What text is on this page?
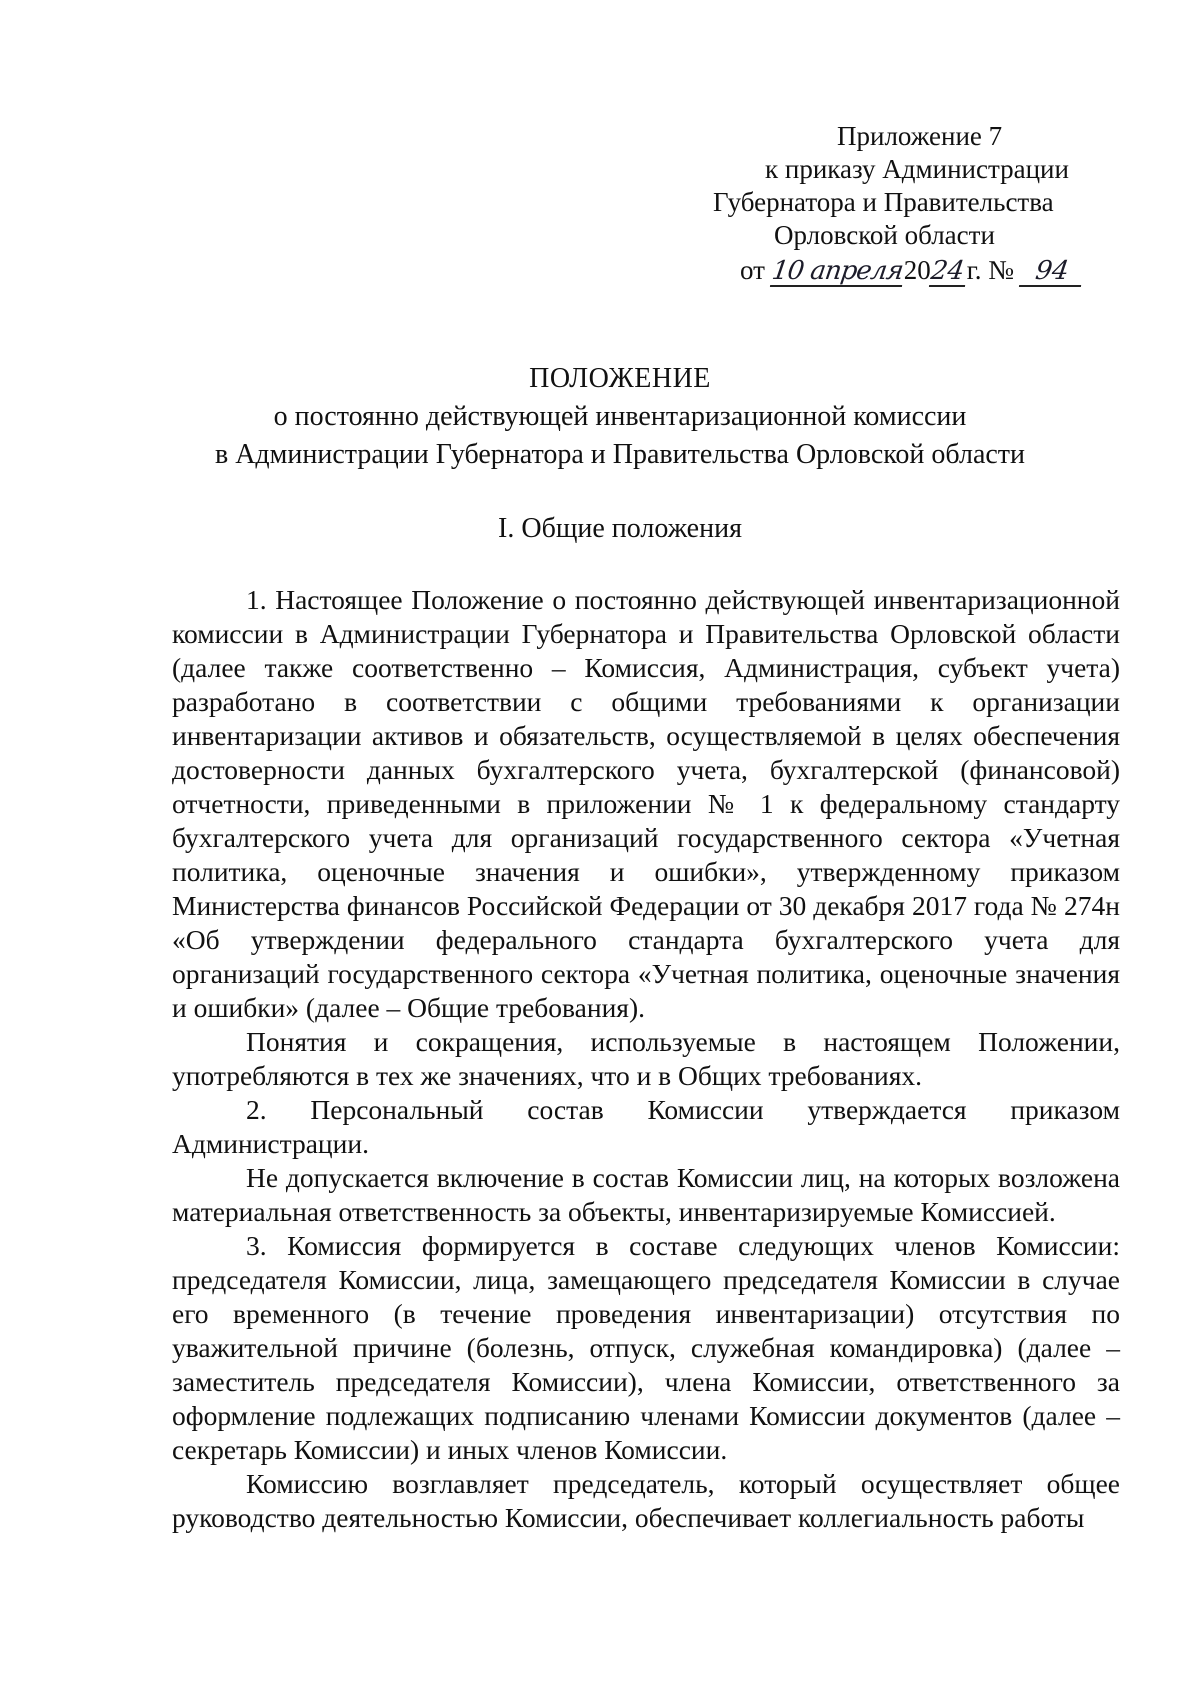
Приложение 7
к приказу Администрации
Губернатора и Правительства
Орловской области
от 10 апреля2024г. № 94
ПОЛОЖЕНИЕ
о постоянно действующей инвентаризационной комиссии
в Администрации Губернатора и Правительства Орловской области
I. Общие положения

1. Настоящее Положение о постоянно действующей инвентаризационной комиссии в Администрации Губернатора и Правительства Орловской области (далее также соответственно – Комиссия, Администрация, субъект учета) разработано в соответствии с общими требованиями к организации инвентаризации активов и обязательств, осуществляемой в целях обеспечения достоверности данных бухгалтерского учета, бухгалтерской (финансовой) отчетности, приведенными в приложении № 1 к федеральному стандарту бухгалтерского учета для организаций государственного сектора «Учетная политика, оценочные значения и ошибки», утвержденному приказом Министерства финансов Российской Федерации от 30 декабря 2017 года № 274н «Об утверждении федерального стандарта бухгалтерского учета для организаций государственного сектора «Учетная политика, оценочные значения и ошибки» (далее – Общие требования).

Понятия и сокращения, используемые в настоящем Положении, употребляются в тех же значениях, что и в Общих требованиях.

2. Персональный состав Комиссии утверждается приказом Администрации.

Не допускается включение в состав Комиссии лиц, на которых возложена материальная ответственность за объекты, инвентаризируемые Комиссией.

3. Комиссия формируется в составе следующих членов Комиссии: председателя Комиссии, лица, замещающего председателя Комиссии в случае его временного (в течение проведения инвентаризации) отсутствия по уважительной причине (болезнь, отпуск, служебная командировка) (далее – заместитель председателя Комиссии), члена Комиссии, ответственного за оформление подлежащих подписанию членами Комиссии документов (далее – секретарь Комиссии) и иных членов Комиссии.

Комиссию возглавляет председатель, который осуществляет общее руководство деятельностью Комиссии, обеспечивает коллегиальность работы
